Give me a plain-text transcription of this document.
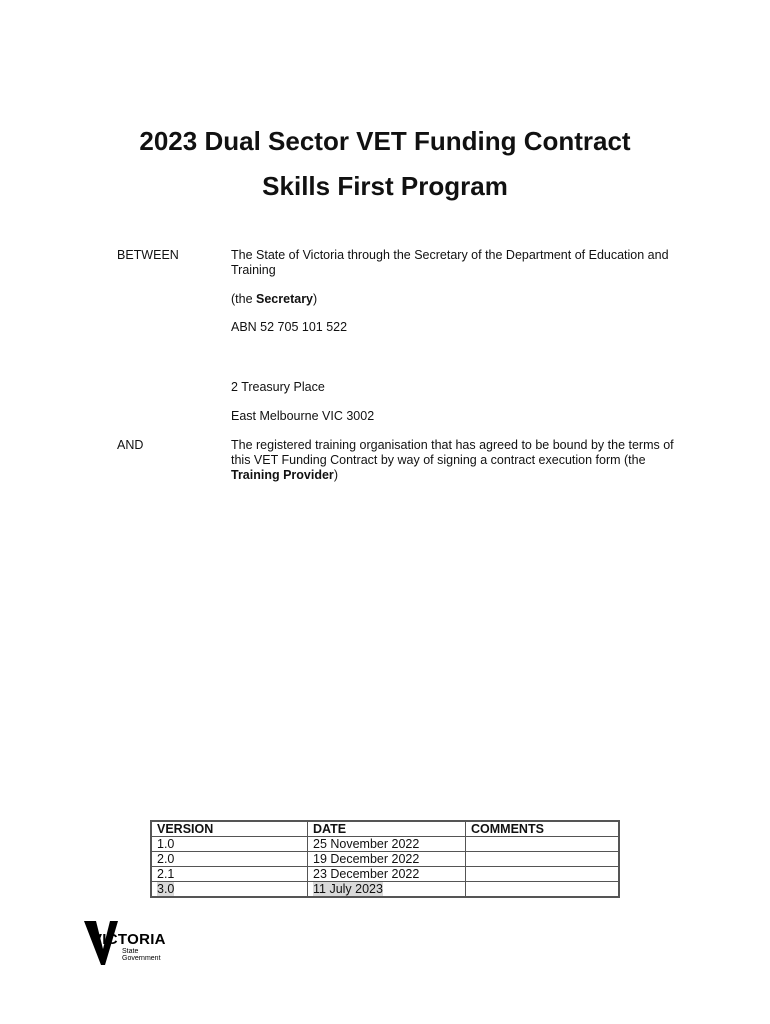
2023 Dual Sector VET Funding Contract
Skills First Program
BETWEEN	The State of Victoria through the Secretary of the Department of Education and Training
(the Secretary)
ABN 52 705 101 522
2 Treasury Place
East Melbourne VIC 3002
AND	The registered training organisation that has agreed to be bound by the terms of this VET Funding Contract by way of signing a contract execution form (the Training Provider)
VERSION	DATE	COMMENTS
1.0	25 November 2022	
2.0	19 December 2022	
2.1	23 December 2022	
3.0	11 July 2023	
VICTORIA
State
Government
